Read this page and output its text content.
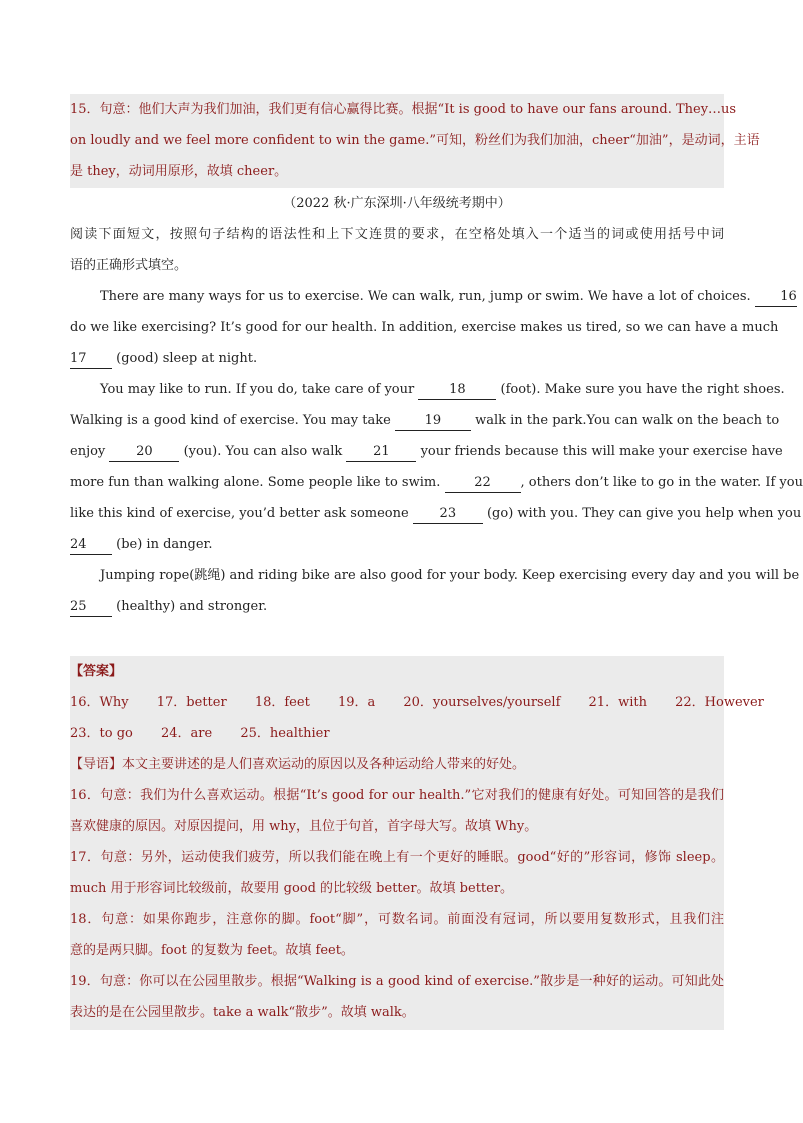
15．句意：他们大声为我们加油，我们更有信心赢得比赛。根据“It is good to have our fans around. They…us
on loudly and we feel more confident to win the game.”可知，粉丝们为我们加油，cheer“加油”，是动词，主语
是 they，动词用原形，故填 cheer。
（2022 秋·广东深圳·八年级统考期中）
阅读下面短文，按照句子结构的语法性和上下文连贯的要求，在空格处填入一个适当的词或使用括号中词
语的正确形式填空。
There are many ways for us to exercise. We can walk, run, jump or swim. We have a lot of choices. 16
do we like exercising? It’s good for our health. In addition, exercise makes us tired, so we can have a much
17 (good) sleep at night.
You may like to run. If you do, take care of your	18	(foot). Make sure you have the right shoes.
Walking is a good kind of exercise. You may take	19	walk in the park.You can walk on the beach to
enjoy 20 (you). You can also walk 21 your friends because this will make your exercise have
more fun than walking alone. Some people like to swim.	22 , others don’t like to go in the water. If you
like this kind of exercise, you’d better ask someone 23 (go) with you. They can give you help when you
24 (be) in danger.
Jumping rope(跳绳) and riding bike are also good for your body. Keep exercising every day and you will be
25 (healthy) and stronger.
【答案】
16．Why 17．better 18．feet 19．a 20．yourselves/yourself 21．with 22．However
23．to go 24．are 25．healthier
【导语】本文主要讲述的是人们喜欢运动的原因以及各种运动给人带来的好处。
16．句意：我们为什么喜欢运动。根据“It’s good for our health.”它对我们的健康有好处。可知回答的是我们
喜欢健康的原因。对原因提问，用 why，且位于句首，首字母大写。故填 Why。
17．句意：另外，运动使我们疲劳，所以我们能在晚上有一个更好的睡眠。good“好的”形容词，修饰 sleep。
much 用于形容词比较级前，故要用 good 的比较级 better。故填 better。
18．句意：如果你跑步，注意你的脚。foot“脚”，可数名词。前面没有冠词，所以要用复数形式，且我们注
意的是两只脚。foot 的复数为 feet。故填 feet。
19．句意：你可以在公园里散步。根据“Walking is a good kind of exercise.”散步是一种好的运动。可知此处
表达的是在公园里散步。take a walk“散步”。故填 walk。
